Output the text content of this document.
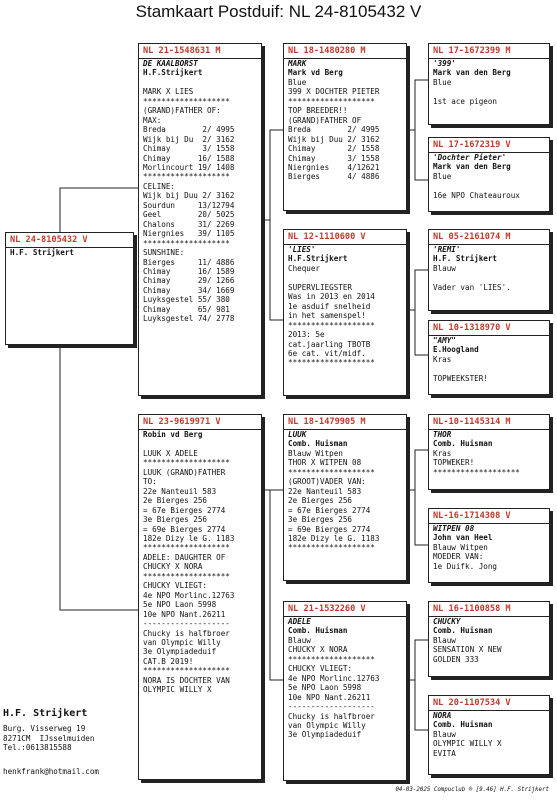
Stamkaart Postduif: NL 24-8105432 V
NL 24-8105432 V
H.F. Strijkert
NL 21-1548631 M
DE KAALBORST
H.F.Strijkert
MARK X LIES
*******************
(GRAND)FATHER OF:
MAX:
Breda        2/ 4995
Wijk bij Du  2/ 3162
Chimay       3/ 1558
Chimay      16/ 1588
Morlincourt 19/ 1408
*******************
CELINE:
Wijk bij Duu 2/ 3162
Sourdun     13/12794
Geel        20/ 5025
Chalons     31/ 2269
Niergnies   39/ 1105
*******************
SUNSHINE:
Bierges     11/ 4886
Chimay      16/ 1589
Chimay      29/ 1266
Chimay      34/ 1669
Luyksgestel 55/ 380
Chimay      65/ 981
Luyksgestel 74/ 2778
NL 23-9619971 V
Robin vd Berg
LUUK X ADELE
*******************
LUUK (GRAND)FATHER
TO:
22e Nanteuil 583
2e Bierges 256
= 67e Bierges 2774
3e Bierges 256
= 69e Bierges 2774
182e Dizy le G. 1183
*******************
ADELE: DAUGHTER OF
CHUCKY X NORA
*******************
CHUCKY VLIEGT:
4e NPO Morlinc.12763
5e NPO Laon 5998
10e NPO Nant.26211
-------------------
Chucky is halfbroer
van Olympic Willy
3e Olympiadeduif
CAT.B 2019!
*******************
NORA IS DOCHTER VAN
OLYMPIC WILLY X
NL 18-1480280 M
MARK
Mark vd Berg
Blue
399 X DOCHTER PIETER
*******************
TOP BREEDER!!
(GRAND)FATHER OF
Breda        2/ 4995
Wijk bij Duu 2/ 3162
Chimay       2/ 1558
Chimay       3/ 1558
Niergnies    4/12621
Bierges      4/ 4886
NL 12-1110600 V
'LIES'
H.F.Strijkert
Chequer
SUPERVLIEGSTER
Was in 2013 en 2014
1e asduif snelheid
in het samenspel!
*******************
2013: 5e
cat.jaarling TBOTB
6e cat. vit/midf.
*******************
NL 18-1479905 M
LUUK
Comb. Huisman
Blauw Witpen
THOR X WITPEN 08
*******************
(GROOT)VADER VAN:
22e Nanteuil 583
2e Bierges 256
= 67e Bierges 2774
3e Bierges 256
= 69e Bierges 2774
182e Dizy le G. 1183
*******************
NL 21-1532260 V
ADELE
Comb. Huisman
Blauw
CHUCKY X NORA
*******************
CHUCKY VLIEGT:
4e NPO Morlinc.12763
5e NPO Laon 5998
10e NPO Nant.26211
-------------------
Chucky is halfbroer
van Olympic Willy
3e Olympiadeduif
NL 17-1672399 M
'399'
Mark van den Berg
Blue
1st ace pigeon
NL 17-1672319 V
'Dochter Pieter'
Mark van den Berg
Blue
16e NPO Chateauroux
NL 05-2161074 M
'REMI'
H.F. Strijkert
Blauw
Vader van 'LIES'.
NL 10-1318970 V
"AMY"
E.Hoogland
Kras
TOPWEEKSTER!
NL-10-1145314 M
THOR
Comb. Huisman
Kras
TOPWEKER!
*******************
NL-16-1714308 V
WITPEN 08
John van Heel
Blauw Witpen
MOEDER VAN:
1e Duifk. Jong
NL 16-1100858 M
CHUCKY
Comb. Huisman
Blauw
SENSATION X NEW
GOLDEN 333
NL 20-1107534 V
NORA
Comb. Huisman
Blauw
OLYMPIC WILLY X
EVITA
H.F. Strijkert
Burg. Visserweg 19
8271CM  IJsselmuiden
Tel.:0613815588
henkfrank@hotmail.com
04-03-2025 Compuclub ® [9.46] H.F. Strijkert
